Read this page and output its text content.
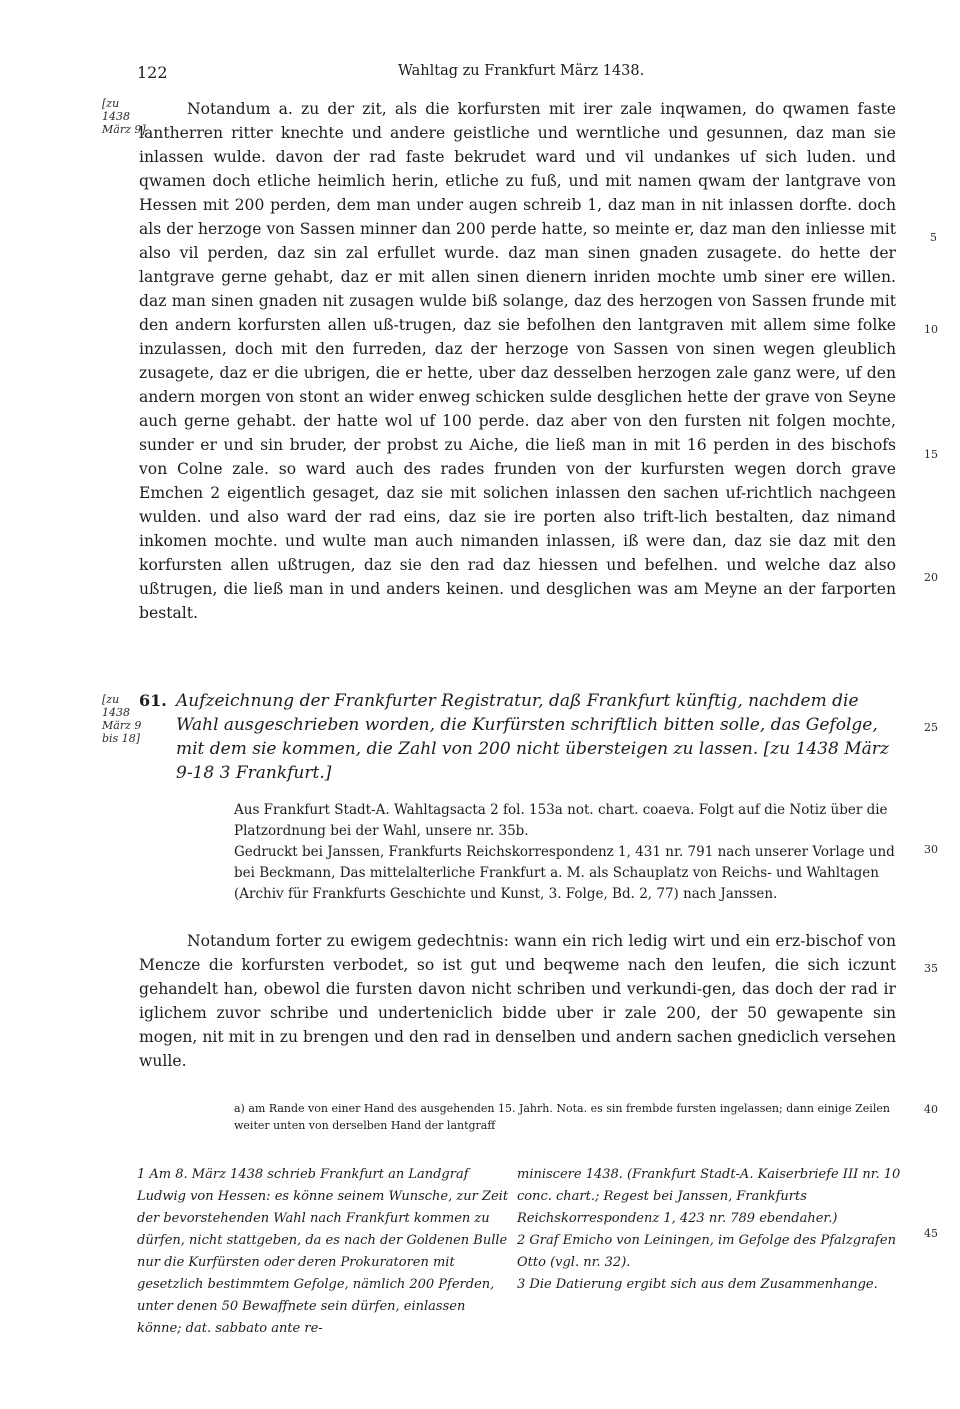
122	Wahltag zu Frankfurt März 1438.
[zu
1438
März 9]
[zu
1438
März 9
bis 18]
5
10
15
20
25
30
35
40
45

Notandum a. zu der zit, als die korfursten mit irer zale inqwamen, do qwamen faste lantherren ritter knechte und andere geistliche und werntliche und gesunnen, daz man sie inlassen wulde. davon der rad faste bekrudet ward und vil undankes uf sich luden. und qwamen doch etliche heimlich herin, etliche zu fuß, und mit namen qwam der lantgrave von Hessen mit 200 perden, dem man under augen schreib 1, daz man in nit inlassen dorfte. doch als der herzoge von Sassen minner dan 200 perde hatte, so meinte er, daz man den inliesse mit also vil perden, daz sin zal erfullet wurde. daz man sinen gnaden zusagete. do hette der lantgrave gerne gehabt, daz er mit allen sinen dienern inriden mochte umb siner ere willen. daz man sinen gnaden nit zusagen wulde biß solange, daz des herzogen von Sassen frunde mit den andern korfursten allen uß-trugen, daz sie befolhen den lantgraven mit allem sime folke inzulassen, doch mit den furreden, daz der herzoge von Sassen von sinen wegen gleublich zusagete, daz er die ubrigen, die er hette, uber daz desselben herzogen zale ganz were, uf den andern morgen von stont an wider enweg schicken sulde desglichen hette der grave von Seyne auch gerne gehabt. der hatte wol uf 100 perde. daz aber von den fursten nit folgen mochte, sunder er und sin bruder, der probst zu Aiche, die ließ man in mit 16 perden in des bischofs von Colne zale. so ward auch des rades frunden von der kurfursten wegen dorch grave Emchen 2 eigentlich gesaget, daz sie mit solichen inlassen den sachen uf-richtlich nachgeen wulden. und also ward der rad eins, daz sie ire porten also trift-lich bestalten, daz nimand inkomen mochte. und wulte man auch nimanden inlassen, iß were dan, daz sie daz mit den korfursten allen ußtrugen, daz sie den rad daz hiessen und befelhen. und welche daz also ußtrugen, die ließ man in und anders keinen. und desglichen was am Meyne an der farporten bestalt.

61. Aufzeichnung der Frankfurter Registratur, daß Frankfurt künftig, nachdem die Wahl ausgeschrieben worden, die Kurfürsten schriftlich bitten solle, das Gefolge, mit dem sie kommen, die Zahl von 200 nicht übersteigen zu lassen. [zu 1438 März 9-18 3 Frankfurt.]

Aus Frankfurt Stadt-A. Wahltagsacta 2 fol. 153a not. chart. coaeva. Folgt auf die Notiz über die Platzordnung bei der Wahl, unsere nr. 35b.

Gedruckt bei Janssen, Frankfurts Reichskorrespondenz 1, 431 nr. 791 nach unserer Vorlage und bei Beckmann, Das mittelalterliche Frankfurt a. M. als Schauplatz von Reichs- und Wahltagen (Archiv für Frankfurts Geschichte und Kunst, 3. Folge, Bd. 2, 77) nach Janssen.

Notandum forter zu ewigem gedechtnis: wann ein rich ledig wirt und ein erz-bischof von Mencze die korfursten verbodet, so ist gut und beqweme nach den leufen, die sich iczunt gehandelt han, obewol die fursten davon nicht schriben und verkundi-gen, das doch der rad ir iglichem zuvor schribe und underteniclich bidde uber ir zale 200, der 50 gewapente sin mogen, nit mit in zu brengen und den rad in denselben und andern sachen gnediclich versehen wulle.

a) am Rande von einer Hand des ausgehenden 15. Jahrh. Nota. es sin frembde fursten ingelassen; dann einige Zeilen weiter unten von derselben Hand der lantgraff

1 Am 8. März 1438 schrieb Frankfurt an Landgraf Ludwig von Hessen: es könne seinem Wunsche, zur Zeit der bevorstehenden Wahl nach Frankfurt kommen zu dürfen, nicht stattgeben, da es nach der Goldenen Bulle nur die Kurfürsten oder deren Prokuratoren mit gesetzlich bestimmtem Gefolge, nämlich 200 Pferden, unter denen 50 Bewaffnete sein dürfen, einlassen könne; dat. sabbato ante re-

miniscere 1438. (Frankfurt Stadt-A. Kaiserbriefe III nr. 10 conc. chart.; Regest bei Janssen, Frankfurts Reichskorrespondenz 1, 423 nr. 789 ebendaher.)

2 Graf Emicho von Leiningen, im Gefolge des Pfalzgrafen Otto (vgl. nr. 32).

3 Die Datierung ergibt sich aus dem Zusammenhange.
